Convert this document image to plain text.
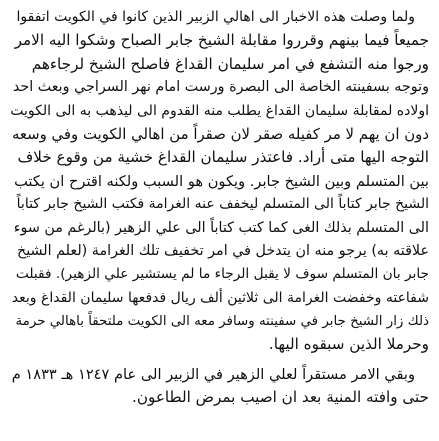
ولما وصلت هذه الاخبار الى اهالي الزبير الذين كانوا في الكويت اتفقوا
جميعاً فيما بينهم وقرروا مقابلة الشيخ جابر الصباح وشكوا اليه الامر
ورجوا منه التشفع في امر سليمان القداغ فاصلح الشيخ لرجاءهم
وتوجه بسفينته الخاصة الى البصرة ورست امام نهر السراجي وبعث احد
اولاده لمقابلة سليمان القداغ يطلب منه القدوم الى ليذهب به الى الكويت
دون ان يهم لا مر كفيله صقر لان صقراً من اهالي الكويت وفي وسعه
التوجه اليها متى أراد. فاعتذر سليمان القداغ خشية من وقوع خلاف
بين المتسلم وبين الشيخ جابر. ويكون هو السبب ولكنه اقترح ان يكتب
الشيخ جابر كتاباً الى المتسلم ليخفف عنه الغرامة فكتب الشيخ جابر كتاباً
الى المتسلم بذلك الغى كما كتب كتاباً الى علي الزهير (بالرغم من سوء
علاقته به) يرجو منه ان يتدخل في امر تخفيف تلك الغرامة (لعلم الشيخ
جابر بان المتسلم سوف لا يقبل الرجاء ما لم يستشير علي الزهير). فقبلت
شفاعته وخفضت الغرامة الى ثلاثين ألف ريال فدفعها سليمان القداغ وبعد
ذلك زار الشيخ جابر في سفينته وسافر معه الى الكويت ملتحقاً باهالي حرمة
وحرملا الذين سبقوه اليها.
وبقي الامر مستقراً لعلي الزهير في الزبير الى عام ١٢٤٧ هـ ١٨٣٣ م
حتى وافته المنية بعد ان اصيب بمرض الطاعون.
